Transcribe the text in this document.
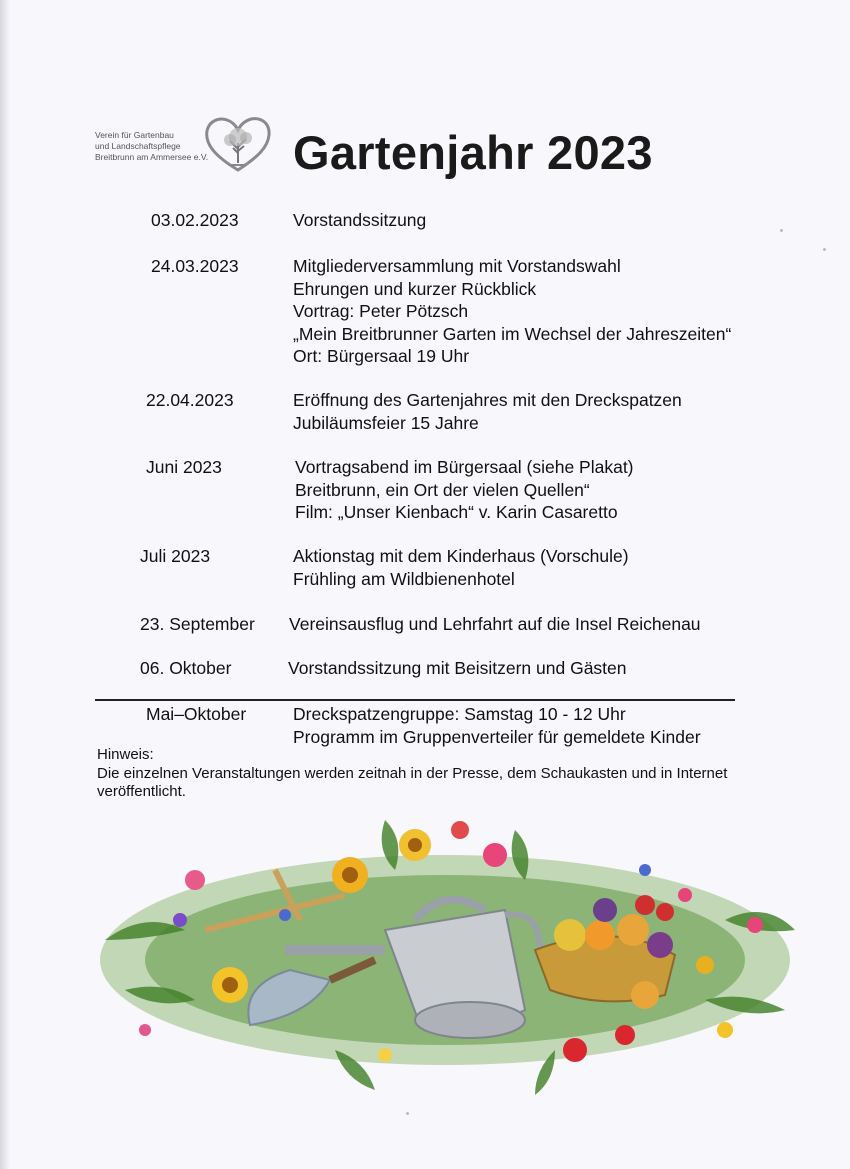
Verein für Gartenbau
und Landschaftspflege
Breitbrunn am Ammersee e.V. Gartenjahr 2023
03.02.2023	Vorstandssitzung
24.03.2023	Mitgliederversammlung mit Vorstandswahl
Ehrungen und kurzer Rückblick
Vortrag: Peter Pötzsch
„Mein Breitbrunner Garten im Wechsel der Jahreszeiten“
Ort: Bürgersaal 19 Uhr
22.04.2023	Eröffnung des Gartenjahres mit den Dreckspatzen
Jubiläumsfeier 15 Jahre
Juni 2023	Vortragsabend im Bürgersaal (siehe Plakat)
Breitbrunn, ein Ort der vielen Quellen“
Film: „Unser Kienbach“ v. Karin Casaretto
Juli 2023	Aktionstag mit dem Kinderhaus (Vorschule)
Frühling am Wildbienenhotel
23. September Vereinsausflug und Lehrfahrt auf die Insel Reichenau
06. Oktober	Vorstandssitzung mit Beisitzern und Gästen
Mai–Oktober	Dreckspatzengruppe: Samstag 10 - 12 Uhr
Programm im Gruppenverteiler für gemeldete Kinder
Hinweis:
Die einzelnen Veranstaltungen werden zeitnah in der Presse, dem Schaukasten und in Internet veröffentlicht.
